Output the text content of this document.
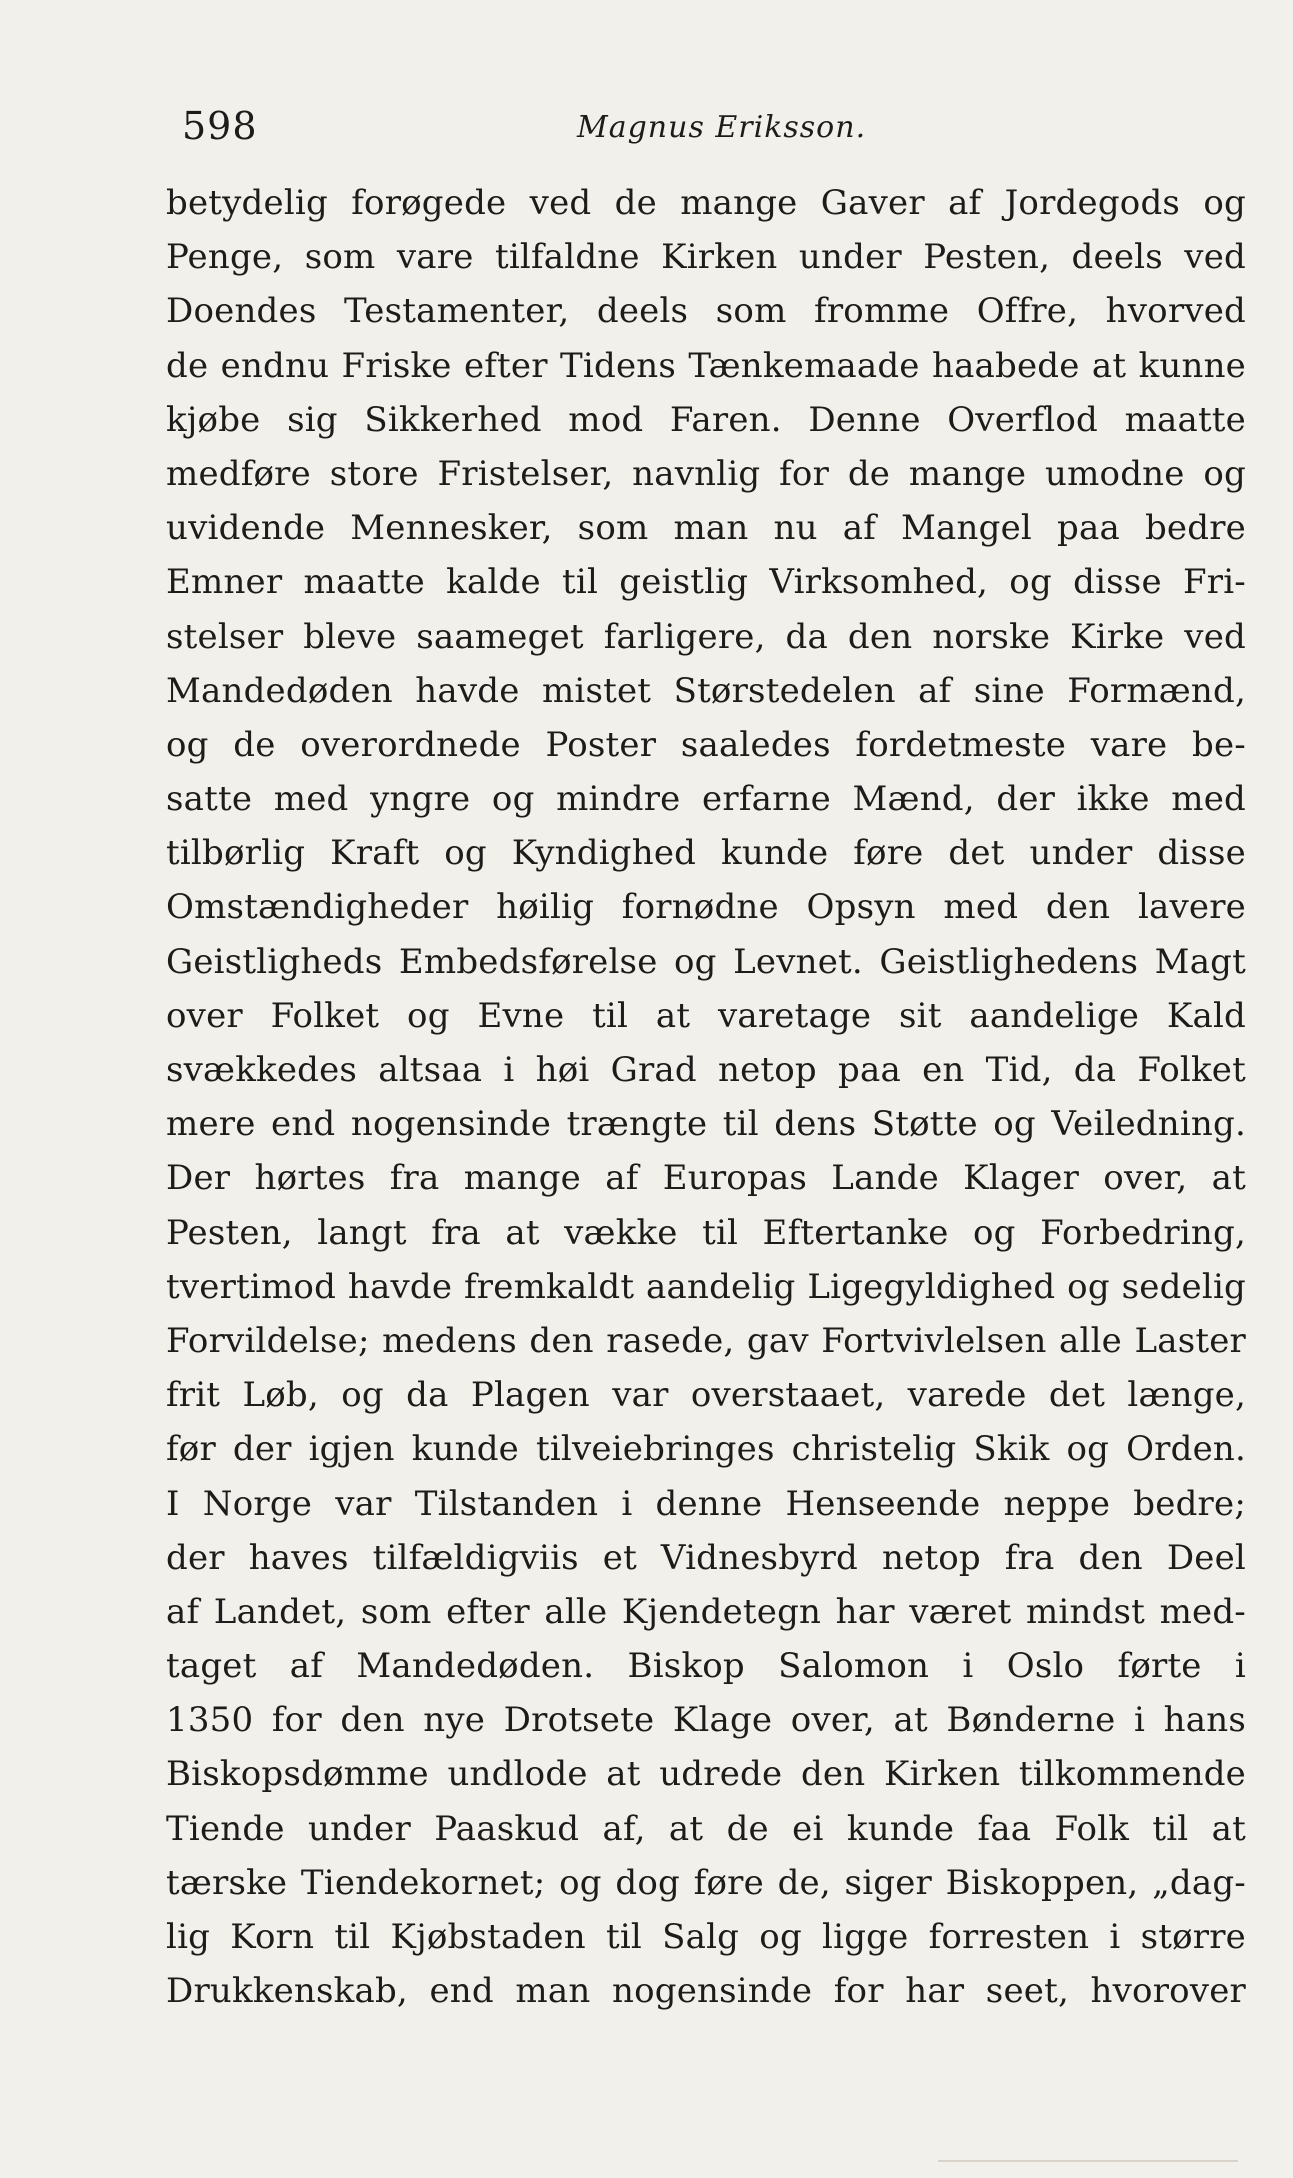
598	Magnus Eriksson.
betydelig forøgede ved de mange Gaver af Jordegods og
Penge, som vare tilfaldne Kirken under Pesten, deels ved
Doendes Testamenter, deels som fromme Offre, hvorved
de endnu Friske efter Tidens Tænkemaade haabede at kunne
kjøbe sig Sikkerhed mod Faren. Denne Overflod maatte
medføre store Fristelser, navnlig for de mange umodne og
uvidende Mennesker, som man nu af Mangel paa bedre
Emner maatte kalde til geistlig Virksomhed, og disse Fri-
stelser bleve saameget farligere, da den norske Kirke ved
Mandedøden havde mistet Størstedelen af sine Formænd,
og de overordnede Poster saaledes fordetmeste vare be-
satte med yngre og mindre erfarne Mænd, der ikke med
tilbørlig Kraft og Kyndighed kunde føre det under disse
Omstændigheder høilig fornødne Opsyn med den lavere
Geistligheds Embedsførelse og Levnet. Geistlighedens Magt
over Folket og Evne til at varetage sit aandelige Kald
svækkedes altsaa i høi Grad netop paa en Tid, da Folket
mere end nogensinde trængte til dens Støtte og Veiledning.
Der hørtes fra mange af Europas Lande Klager over, at
Pesten, langt fra at vække til Eftertanke og Forbedring,
tvertimod havde fremkaldt aandelig Ligegyldighed og sedelig
Forvildelse; medens den rasede, gav Fortvivlelsen alle Laster
frit Løb, og da Plagen var overstaaet, varede det længe,
før der igjen kunde tilveiebringes christelig Skik og Orden.
I Norge var Tilstanden i denne Henseende neppe bedre;
der haves tilfældigviis et Vidnesbyrd netop fra den Deel
af Landet, som efter alle Kjendetegn har været mindst med-
taget af Mandedøden. Biskop Salomon i Oslo førte i
1350 for den nye Drotsete Klage over, at Bønderne i hans
Biskopsdømme undlode at udrede den Kirken tilkommende
Tiende under Paaskud af, at de ei kunde faa Folk til at
tærske Tiendekornet; og dog føre de, siger Biskoppen, „dag-
lig Korn til Kjøbstaden til Salg og ligge forresten i større
Drukkenskab, end man nogensinde for har seet, hvorover
